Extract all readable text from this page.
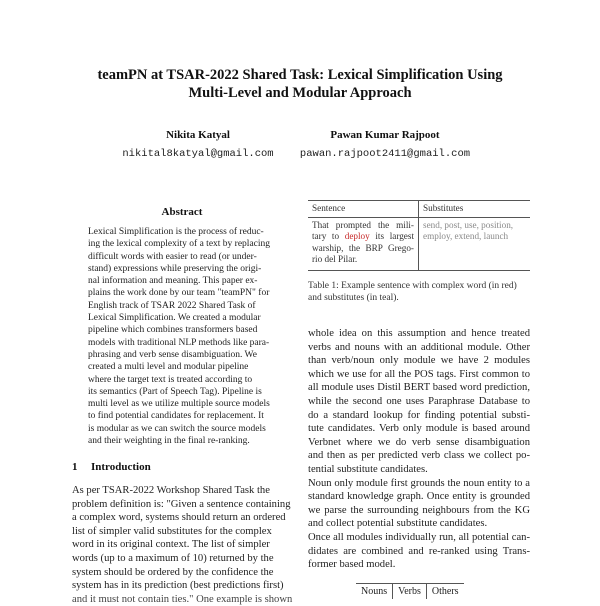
teamPN at TSAR-2022 Shared Task: Lexical Simplification Using
Multi-Level and Modular Approach
Nikita Katyal
nikital8katyal@gmail.com
Pawan Kumar Rajpoot
pawan.rajpoot2411@gmail.com
Abstract
Lexical Simplification is the process of reduc-
ing the lexical complexity of a text by replacing
difficult words with easier to read (or under-
stand) expressions while preserving the origi-
nal information and meaning. This paper ex-
plains the work done by our team "teamPN" for
English track of TSAR 2022 Shared Task of
Lexical Simplification. We created a modular
pipeline which combines transformers based
models with traditional NLP methods like para-
phrasing and verb sense disambiguation. We
created a multi level and modular pipeline
where the target text is treated according to
its semantics (Part of Speech Tag). Pipeline is
multi level as we utilize multiple source models
to find potential candidates for replacement. It
is modular as we can switch the source models
and their weighting in the final re-ranking.
1 Introduction
As per TSAR-2022 Workshop Shared Task the
problem definition is: "Given a sentence containing
a complex word, systems should return an ordered
list of simpler valid substitutes for the complex
word in its original context. The list of simpler
words (up to a maximum of 10) returned by the
system should be ordered by the confidence the
system has in its prediction (best predictions first)
and it must not contain ties." One example is shown
Sentence	Substitutes
That prompted the mili-tary to deploy its largest warship, the BRP Grego-rio del Pilar.	send, post, use, position, employ, extend, launch
Table 1: Example sentence with complex word (in red) and substitutes (in teal).

whole idea on this assumption and hence treated verbs and nouns with an additional module. Other than verb/noun only module we have 2 modules which we use for all the POS tags. First common to all module uses Distil BERT based word prediction, while the second one uses Paraphrase Database to do a standard lookup for finding potential substi- tute candidates. Verb only module is based around Verbnet where we do verb sense disambiguation and then as per predicted verb class we collect po- tential substitute candidates.

Noun only module first grounds the noun entity to a standard knowledge graph. Once entity is grounded we parse the surrounding neighbours from the KG and collect potential substitute candidates.

Once all modules individually run, all potential can- didates are combined and re-ranked using Trans- former based model.

Nouns	Verbs	Others
